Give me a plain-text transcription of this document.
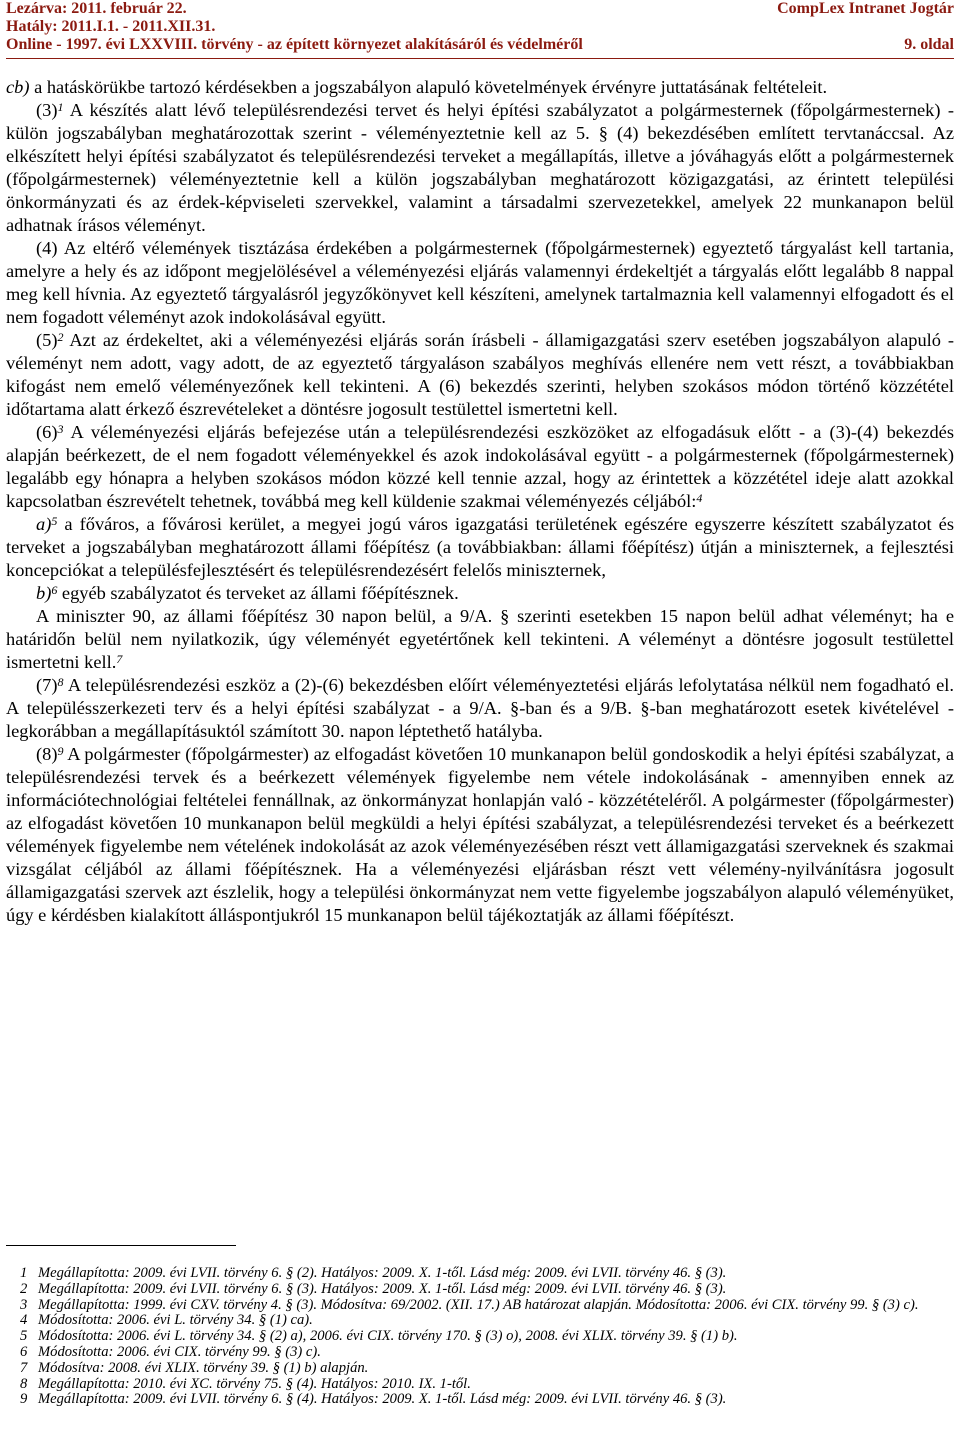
Lezárva: 2011. február 22.	CompLex Intranet Jogtár
Hatály: 2011.I.1. - 2011.XII.31.
Online - 1997. évi LXXVIII. törvény - az épített környezet alakításáról és védelméről	9. oldal

cb) a hatáskörükbe tartozó kérdésekben a jogszabályon alapuló követelmények érvényre juttatásának feltételeit.

$(3)^1$ A készítés alatt lévő településrendezési tervet és helyi építési szabályzatot a polgármesternek (főpolgármesternek) - külön jogszabályban meghatározottak szerint - véleményeztetnie kell az 5. § (4) bekezdésében említett tervtanáccsal. Az elkészített helyi építési szabályzatot és településrendezési terveket a megállapítás, illetve a jóváhagyás előtt a polgármesternek (főpolgármesternek) véleményeztetnie kell a külön jogszabályban meghatározott közigazgatási, az érintett települési önkormányzati és az érdek-képviseleti szervekkel, valamint a társadalmi szervezetekkel, amelyek 22 munkanapon belül adhatnak írásos véleményt.

(4) Az eltérő vélemények tisztázása érdekében a polgármesternek (főpolgármesternek) egyeztető tárgyalást kell tartania, amelyre a hely és az időpont megjelölésével a véleményezési eljárás valamennyi érdekeltjét a tárgyalás előtt legalább 8 nappal meg kell hívnia. Az egyeztető tárgyalásról jegyzőkönyvet kell készíteni, amelynek tartalmaznia kell valamennyi elfogadott és el nem fogadott véleményt azok indokolásával együtt.

$(5)^2$ Azt az érdekeltet, aki a véleményezési eljárás során írásbeli - államigazgatási szerv esetében jogszabályon alapuló - véleményt nem adott, vagy adott, de az egyeztető tárgyaláson szabályos meghívás ellenére nem vett részt, a továbbiakban kifogást nem emelő véleményezőnek kell tekinteni. A (6) bekezdés szerinti, helyben szokásos módon történő közzététel időtartama alatt érkező észrevételeket a döntésre jogosult testülettel ismertetni kell.

$(6)^3$ A véleményezési eljárás befejezése után a településrendezési eszközöket az elfogadásuk előtt - a (3)-(4) bekezdés alapján beérkezett, de el nem fogadott véleményekkel és azok indokolásával együtt - a polgármesternek (főpolgármesternek) legalább egy hónapra a helyben szokásos módon közzé kell tennie azzal, hogy az érintettek a közzététel ideje alatt azokkal kapcsolatban észrevételt tehetnek, továbbá meg kell küldenie szakmai véleményezés céljából:$^4$

a)$^5$ a főváros, a fővárosi kerület, a megyei jogú város igazgatási területének egészére egyszerre készített szabályzatot és terveket a jogszabályban meghatározott állami főépítész (a továbbiakban: állami főépítész) útján a miniszternek, a fejlesztési koncepciókat a településfejlesztésért és településrendezésért felelős miniszternek,

b)$^6$ egyéb szabályzatot és terveket az állami főépítésznek.

A miniszter 90, az állami főépítész 30 napon belül, a 9/A. § szerinti esetekben 15 napon belül adhat véleményt; ha e határidőn belül nem nyilatkozik, úgy véleményét egyetértőnek kell tekinteni. A véleményt a döntésre jogosult testülettel ismertetni kell.$^7$

$(7)^8$ A településrendezési eszköz a (2)-(6) bekezdésben előírt véleményeztetési eljárás lefolytatása nélkül nem fogadható el. A településszerkezeti terv és a helyi építési szabályzat - a 9/A. §-ban és a 9/B. §-ban meghatározott esetek kivételével - legkorábban a megállapításuktól számított 30. napon léptethető hatályba.

$(8)^9$ A polgármester (főpolgármester) az elfogadást követően 10 munkanapon belül gondoskodik a helyi építési szabályzat, a településrendezési tervek és a beérkezett vélemények figyelembe nem vétele indokolásának - amennyiben ennek az információtechnológiai feltételei fennállnak, az önkormányzat honlapján való - közzétételéről. A polgármester (főpolgármester) az elfogadást követően 10 munkanapon belül megküldi a helyi építési szabályzat, a településrendezési terveket és a beérkezett vélemények figyelembe nem vételének indokolását az azok véleményezésében részt vett államigazgatási szerveknek és szakmai vizsgálat céljából az állami főépítésznek. Ha a véleményezési eljárásban részt vett vélemény-nyilvánításra jogosult államigazgatási szervek azt észlelik, hogy a települési önkormányzat nem vette figyelembe jogszabályon alapuló véleményüket, úgy e kérdésben kialakított álláspontjukról 15 munkanapon belül tájékoztatják az állami főépítészt.

1 Megállapította: 2009. évi LVII. törvény 6. § (2). Hatályos: 2009. X. 1-től. Lásd még: 2009. évi LVII. törvény 46. § (3).
2 Megállapította: 2009. évi LVII. törvény 6. § (3). Hatályos: 2009. X. 1-től. Lásd még: 2009. évi LVII. törvény 46. § (3).
3 Megállapította: 1999. évi CXV. törvény 4. § (3). Módosítva: 69/2002. (XII. 17.) AB határozat alapján. Módosította: 2006. évi CIX. törvény 99. § (3) c).
4 Módosította: 2006. évi L. törvény 34. § (1) ca).
5 Módosította: 2006. évi L. törvény 34. § (2) a), 2006. évi CIX. törvény 170. § (3) o), 2008. évi XLIX. törvény 39. § (1) b).
6 Módosította: 2006. évi CIX. törvény 99. § (3) c).
7 Módosítva: 2008. évi XLIX. törvény 39. § (1) b) alapján.
8 Megállapította: 2010. évi XC. törvény 75. § (4). Hatályos: 2010. IX. 1-től.
9 Megállapította: 2009. évi LVII. törvény 6. § (4). Hatályos: 2009. X. 1-től. Lásd még: 2009. évi LVII. törvény 46. § (3).
